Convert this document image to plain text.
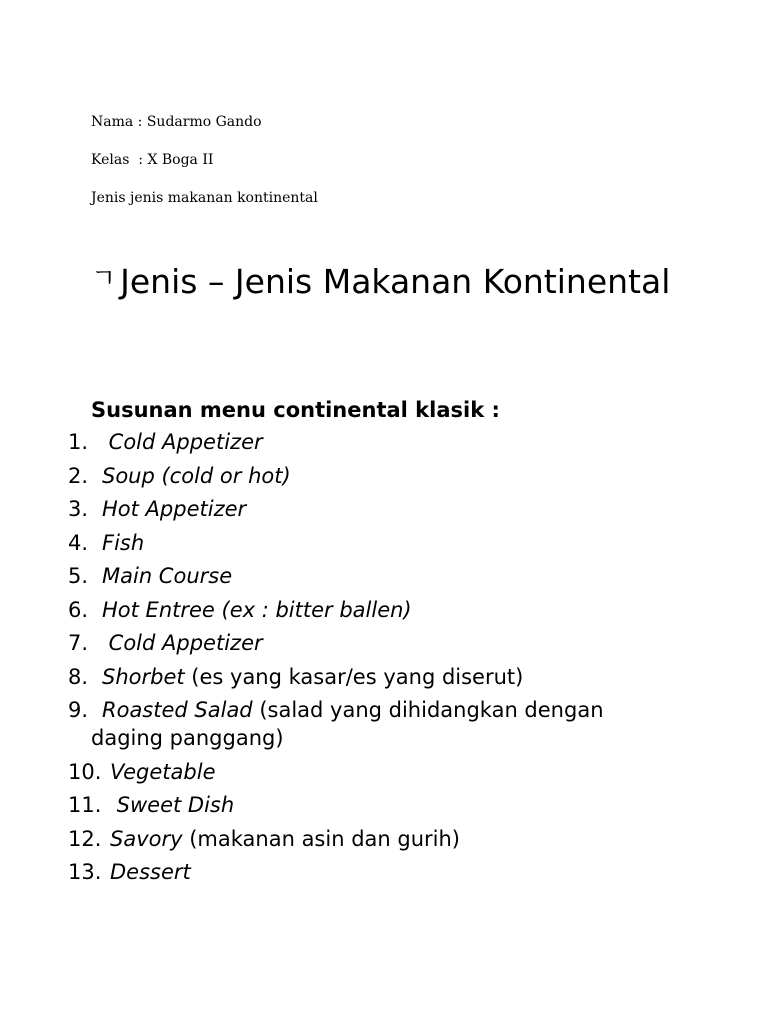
Nama : Sudarmo Gando
Kelas  : X Boga II
Jenis jenis makanan kontinental
ㄱ Jenis – Jenis Makanan Kontinental
Susunan menu continental klasik :
1. Cold Appetizer
2. Soup (cold or hot)
3. Hot Appetizer
4. Fish
5. Main Course
6. Hot Entree (ex : bitter ballen)
7. Cold Appetizer
8. Shorbet (es yang kasar/es yang diserut)
9. Roasted Salad (salad yang dihidangkan dengan
daging panggang)
10. Vegetable
11. Sweet Dish
12. Savory (makanan asin dan gurih)
13. Dessert
